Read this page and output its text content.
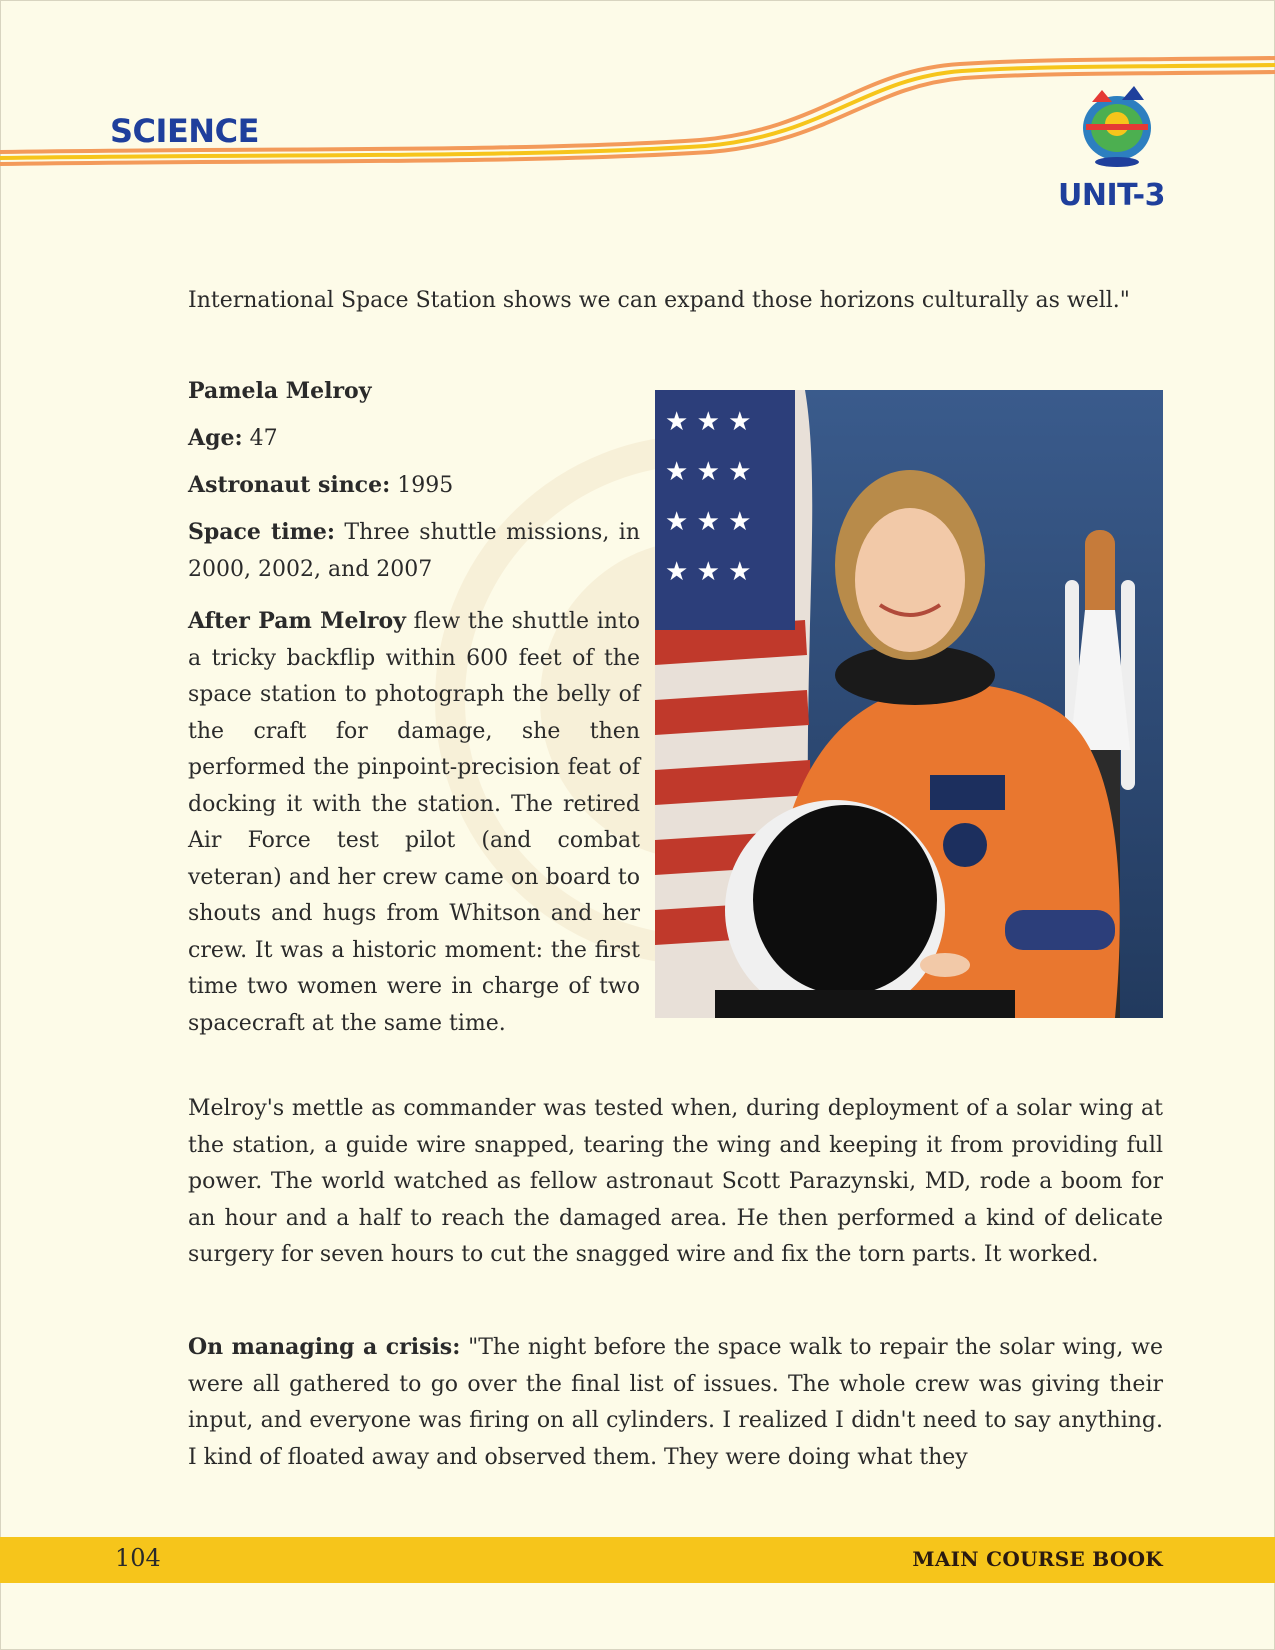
SCIENCE
UNIT-3

International Space Station shows we can expand those horizons culturally as well."

Pamela Melroy

Age: 47

Astronaut since: 1995

Space time: Three shuttle missions, in 2000, 2002, and 2007

After Pam Melroy flew the shuttle into a tricky backflip within 600 feet of the space station to photograph the belly of the craft for damage, she then performed the pinpoint-precision feat of docking it with the station. The retired Air Force test pilot (and combat veteran) and her crew came on board to shouts and hugs from Whitson and her crew. It was a historic moment: the first time two women were in charge of two spacecraft at the same time.

★ ★ ★
★ ★ ★
★ ★ ★
★ ★ ★

Melroy's mettle as commander was tested when, during deployment of a solar wing at the station, a guide wire snapped, tearing the wing and keeping it from providing full power. The world watched as fellow astronaut Scott Parazynski, MD, rode a boom for an hour and a half to reach the damaged area. He then performed a kind of delicate surgery for seven hours to cut the snagged wire and fix the torn parts. It worked.

On managing a crisis: "The night before the space walk to repair the solar wing, we were all gathered to go over the final list of issues. The whole crew was giving their input, and everyone was firing on all cylinders. I realized I didn't need to say anything. I kind of floated away and observed them. They were doing what they

104	MAIN COURSE BOOK
